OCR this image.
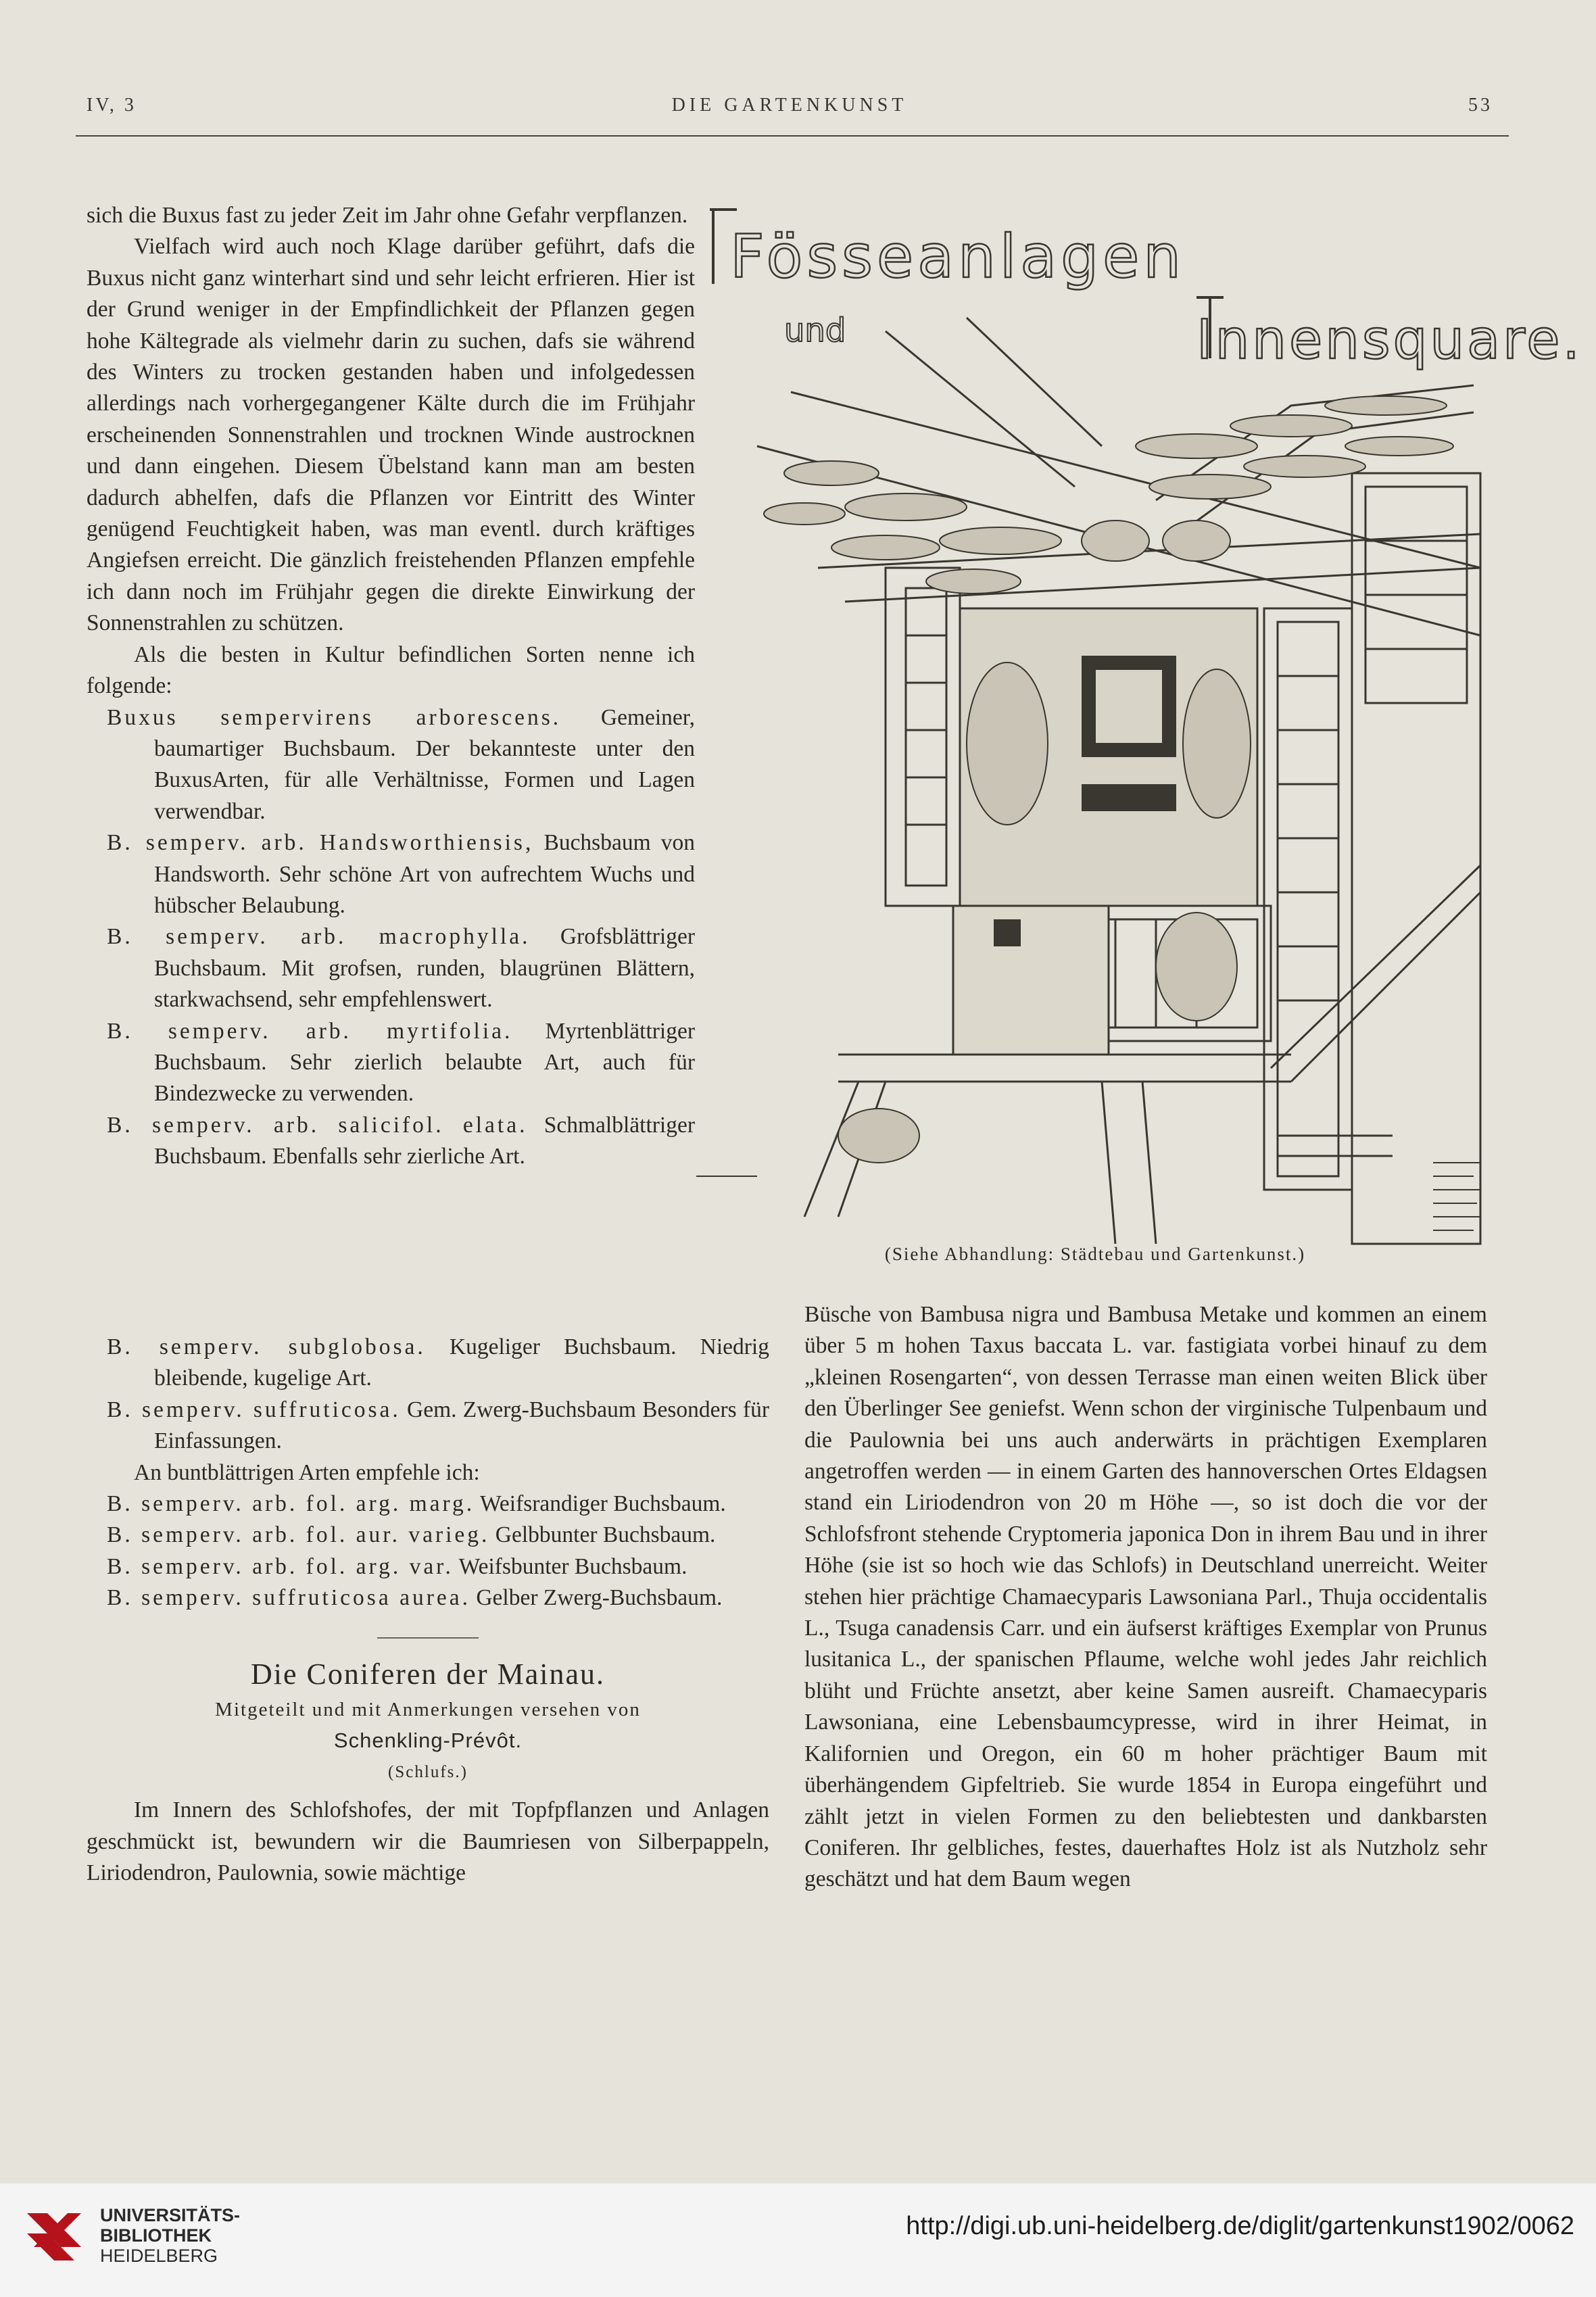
IV, 3	DIE GARTENKUNST	53

sich die Buxus fast zu jeder Zeit im Jahr ohne Gefahr verpflanzen.

Vielfach wird auch noch Klage darüber geführt, dafs die Buxus nicht ganz winterhart sind und sehr leicht erfrieren. Hier ist der Grund weniger in der Empfindlichkeit der Pflanzen gegen hohe Kältegrade als vielmehr darin zu suchen, dafs sie während des Winters zu trocken gestanden haben und infolgedessen allerdings nach vorhergegangener Kälte durch die im Frühjahr erscheinenden Sonnenstrahlen und trocknen Winde austrocknen und dann eingehen. Diesem Übelstand kann man am besten dadurch abhelfen, dafs die Pflanzen vor Eintritt des Winter genügend Feuchtigkeit haben, was man eventl. durch kräftiges Angiefsen erreicht. Die gänzlich freistehenden Pflanzen empfehle ich dann noch im Frühjahr gegen die direkte Einwirkung der Sonnenstrahlen zu schützen.

Als die besten in Kultur befindlichen Sorten nenne ich folgende:

Buxus sempervirens arborescens. Gemeiner, baumartiger Buchsbaum. Der bekannteste unter den BuxusArten, für alle Verhältnisse, Formen und Lagen verwendbar.

B. semperv. arb. Handsworthiensis, Buchsbaum von Handsworth. Sehr schöne Art von aufrechtem Wuchs und hübscher Belaubung.

B. semperv. arb. macrophylla. Grofsblättriger Buchsbaum. Mit grofsen, runden, blaugrünen Blättern, starkwachsend, sehr empfehlenswert.

B. semperv. arb. myrtifolia. Myrtenblättriger Buchsbaum. Sehr zierlich belaubte Art, auch für Bindezwecke zu verwenden.

B. semperv. arb. salicifol. elata. Schmalblättriger Buchsbaum. Ebenfalls sehr zierliche Art.

B. semperv. subglobosa. Kugeliger Buchsbaum. Niedrig bleibende, kugelige Art.

B. semperv. suffruticosa. Gem. Zwerg-Buchsbaum Besonders für Einfassungen.

An buntblättrigen Arten empfehle ich:

B. semperv. arb. fol. arg. marg. Weifsrandiger Buchsbaum.

B. semperv. arb. fol. aur. varieg. Gelbbunter Buchsbaum.

B. semperv. arb. fol. arg. var. Weifsbunter Buchsbaum.

B. semperv. suffruticosa aurea. Gelber Zwerg-Buchsbaum.

Die Coniferen der Mainau.
Mitgeteilt und mit Anmerkungen versehen von
Schenkling-Prévôt.
(Schlufs.)

Im Innern des Schlofshofes, der mit Topfpflanzen und Anlagen geschmückt ist, bewundern wir die Baumriesen von Silberpappeln, Liriodendron, Paulownia, sowie mächtige

Büsche von Bambusa nigra und Bambusa Metake und kommen an einem über 5 m hohen Taxus baccata L. var. fastigiata vorbei hinauf zu dem „kleinen Rosengarten“, von dessen Terrasse man einen weiten Blick über den Überlinger See geniefst. Wenn schon der virginische Tulpenbaum und die Paulownia bei uns auch anderwärts in prächtigen Exemplaren angetroffen werden — in einem Garten des hannoverschen Ortes Eldagsen stand ein Liriodendron von 20 m Höhe —, so ist doch die vor der Schlofsfront stehende Cryptomeria japonica Don in ihrem Bau und in ihrer Höhe (sie ist so hoch wie das Schlofs) in Deutschland unerreicht. Weiter stehen hier prächtige Chamaecyparis Lawsoniana Parl., Thuja occidentalis L., Tsuga canadensis Carr. und ein äufserst kräftiges Exemplar von Prunus lusitanica L., der spanischen Pflaume, welche wohl jedes Jahr reichlich blüht und Früchte ansetzt, aber keine Samen ausreift. Chamaecyparis Lawsoniana, eine Lebensbaumcypresse, wird in ihrer Heimat, in Kalifornien und Oregon, ein 60 m hoher prächtiger Baum mit überhängendem Gipfeltrieb. Sie wurde 1854 in Europa eingeführt und zählt jetzt in vielen Formen zu den beliebtesten und dankbarsten Coniferen. Ihr gelbliches, festes, dauerhaftes Holz ist als Nutzholz sehr geschätzt und hat dem Baum wegen

Fösseanlagen
und	Innensquare.
(Siehe Abhandlung: Städtebau und Gartenkunst.)
UNIVERSITÄTS-
BIBLIOTHEK
HEIDELBERG
http://digi.ub.uni-heidelberg.de/diglit/gartenkunst1902/0062
